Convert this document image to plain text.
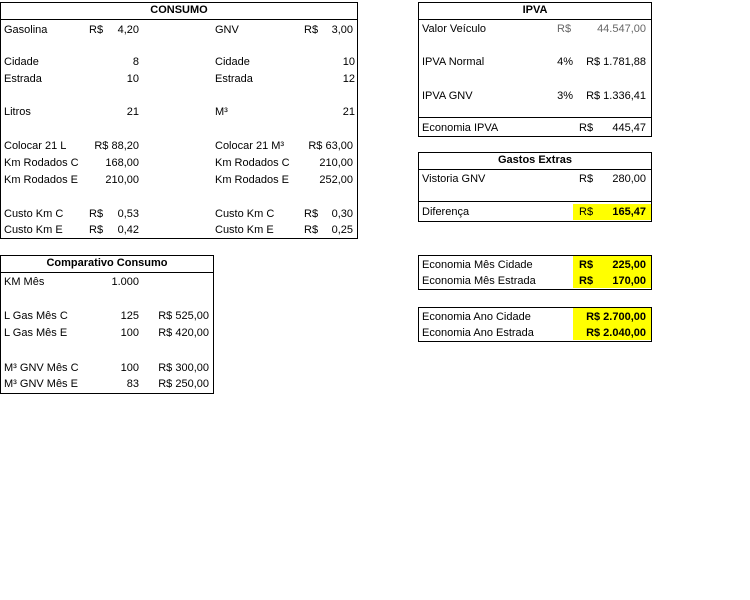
CONSUMO
Gasolina	R$ 4,20	GNV	R$ 3,00
Cidade	8	Cidade	10
Estrada	10	Estrada	12
Litros	21	M³	21
Colocar 21 L	R$ 88,20	Colocar 21 M³ R$ 63,00
Km Rodados C 168,00	Km Rodados C	210,00
Km Rodados E 210,00	Km Rodados E	252,00
Custo Km C R$ 0,53	Custo Km C	R$ 0,30
Custo Km E R$ 0,42	Custo Km E	R$ 0,25
IPVA
Valor Veículo	R$ 44.547,00
IPVA Normal	4% R$ 1.781,88
IPVA GNV	3% R$ 1.336,41
Economia IPVA	R$ 445,47
Gastos Extras
Vistoria GNV	R$ 280,00
Diferença	R$ 165,47
Economia Mês Cidade	R$ 225,00
Economia Mês Estrada	R$ 170,00
Economia Ano Cidade	R$ 2.700,00
Economia Ano Estrada	R$ 2.040,00
Comparativo Consumo
KM Mês	1.000
L Gas Mês C	125 R$ 525,00
L Gas Mês E	100 R$ 420,00
M³ GNV Mês C	100 R$ 300,00
M³ GNV Mês E	83 R$ 250,00
